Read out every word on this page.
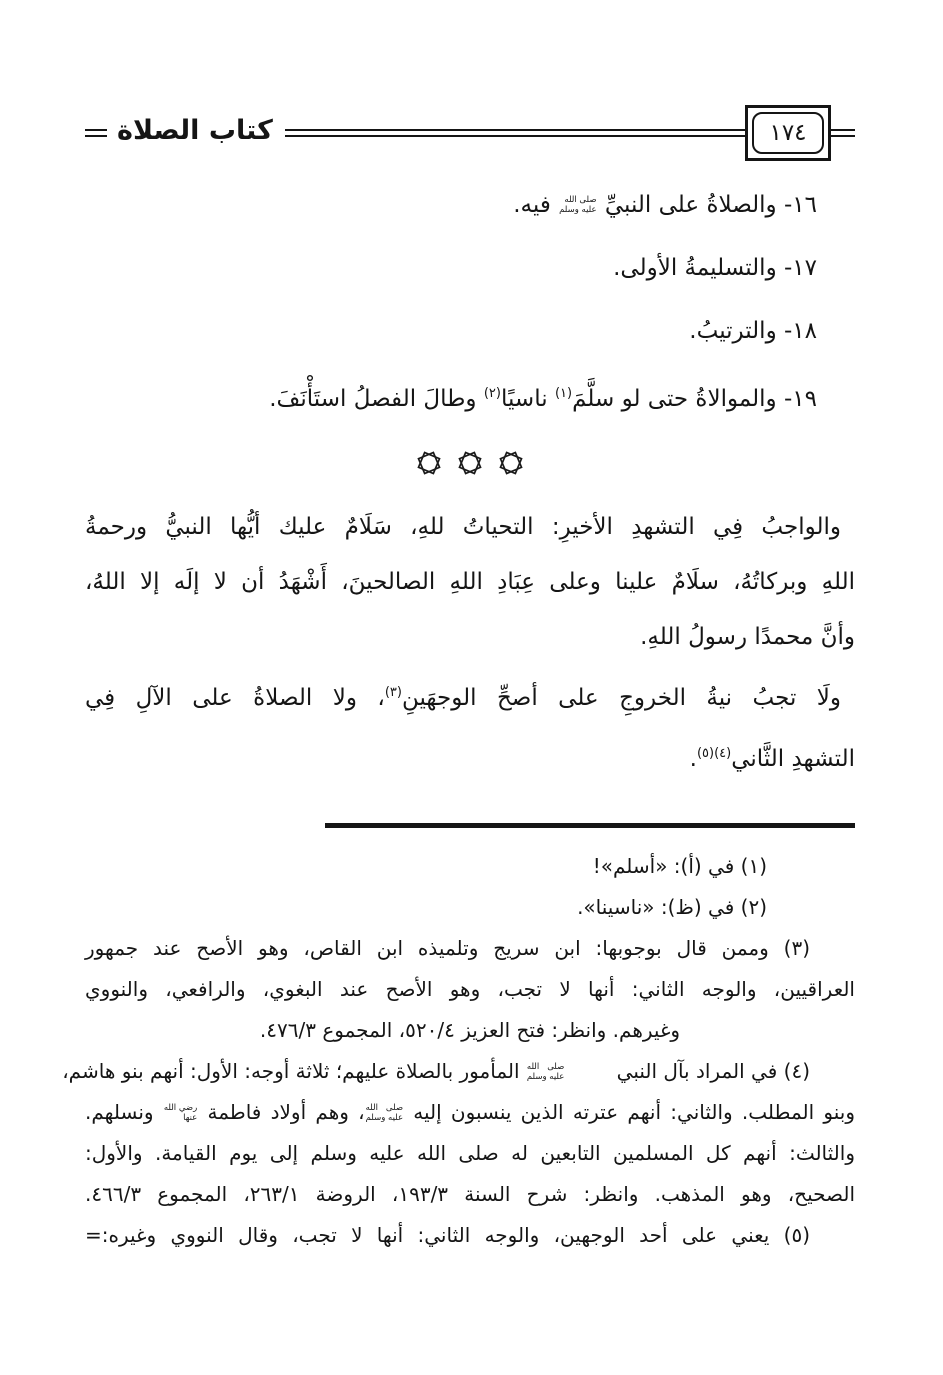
كتاب الصلاة	١٧٤
١٦- والصلاةُ على النبيِّ
صلى الله
عليه وسلم
فيه.
١٧- والتسليمةُ الأولى.
١٨- والترتيبُ.
١٩- والموالاةُ حتى لو سلَّمَ$^{(١)}$ ناسيًا$^{(٢)}$ وطالَ الفصلُ استَأْنَفَ.
والواجبُ فِي التشهدِ الأخيرِ: التحياتُ للهِ، سَلَامٌ عليك أيُّها النبيُّ ورحمةُ
اللهِ وبركاتُهُ، سلَامٌ علينا وعلى عِبَادِ اللهِ الصالحينَ، أَشْهَدُ أن لا إلَه إلا اللهُ،
وأنَّ محمدًا رسولُ اللهِ.
ولَا تجبُ نيةُ الخروجِ على أصحِّ الوجهَينِ$^{(٣)}$، ولا الصلاةُ على الآلِ فِي
التشهدِ الثَّاني$^{(٤)(٥)}$.
(١) في (أ): «أسلم»!
(٢) في (ظ): «ناسينا».
(٣) وممن قال بوجوبها: ابن سريج وتلميذه ابن القاص، وهو الأصح عند جمهور
العراقيين، والوجه الثاني: أنها لا تجب، وهو الأصح عند البغوي، والرافعي، والنووي
وغيرهم. وانظر: فتح العزيز ٥٢٠/٤، المجموع ٤٧٦/٣.
(٤) في المراد بآل النبي
صلى الله
عليه وسلم
المأمور بالصلاة عليهم؛ ثلاثة أوجه: الأول: أنهم بنو هاشم،
وبنو المطلب. والثاني: أنهم عترته الذين ينسبون إليه
صلى الله
عليه وسلم
، وهم أولاد فاطمة
رضي الله
عنها
ونسلهم.
والثالث: أنهم كل المسلمين التابعين له صلى الله عليه وسلم إلى يوم القيامة. والأول:
الصحيح، وهو المذهب. وانظر: شرح السنة ١٩٣/٣، الروضة ٢٦٣/١، المجموع ٤٦٦/٣.
(٥) يعني على أحد الوجهين، والوجه الثاني: أنها لا تجب، وقال النووي وغيره:=
